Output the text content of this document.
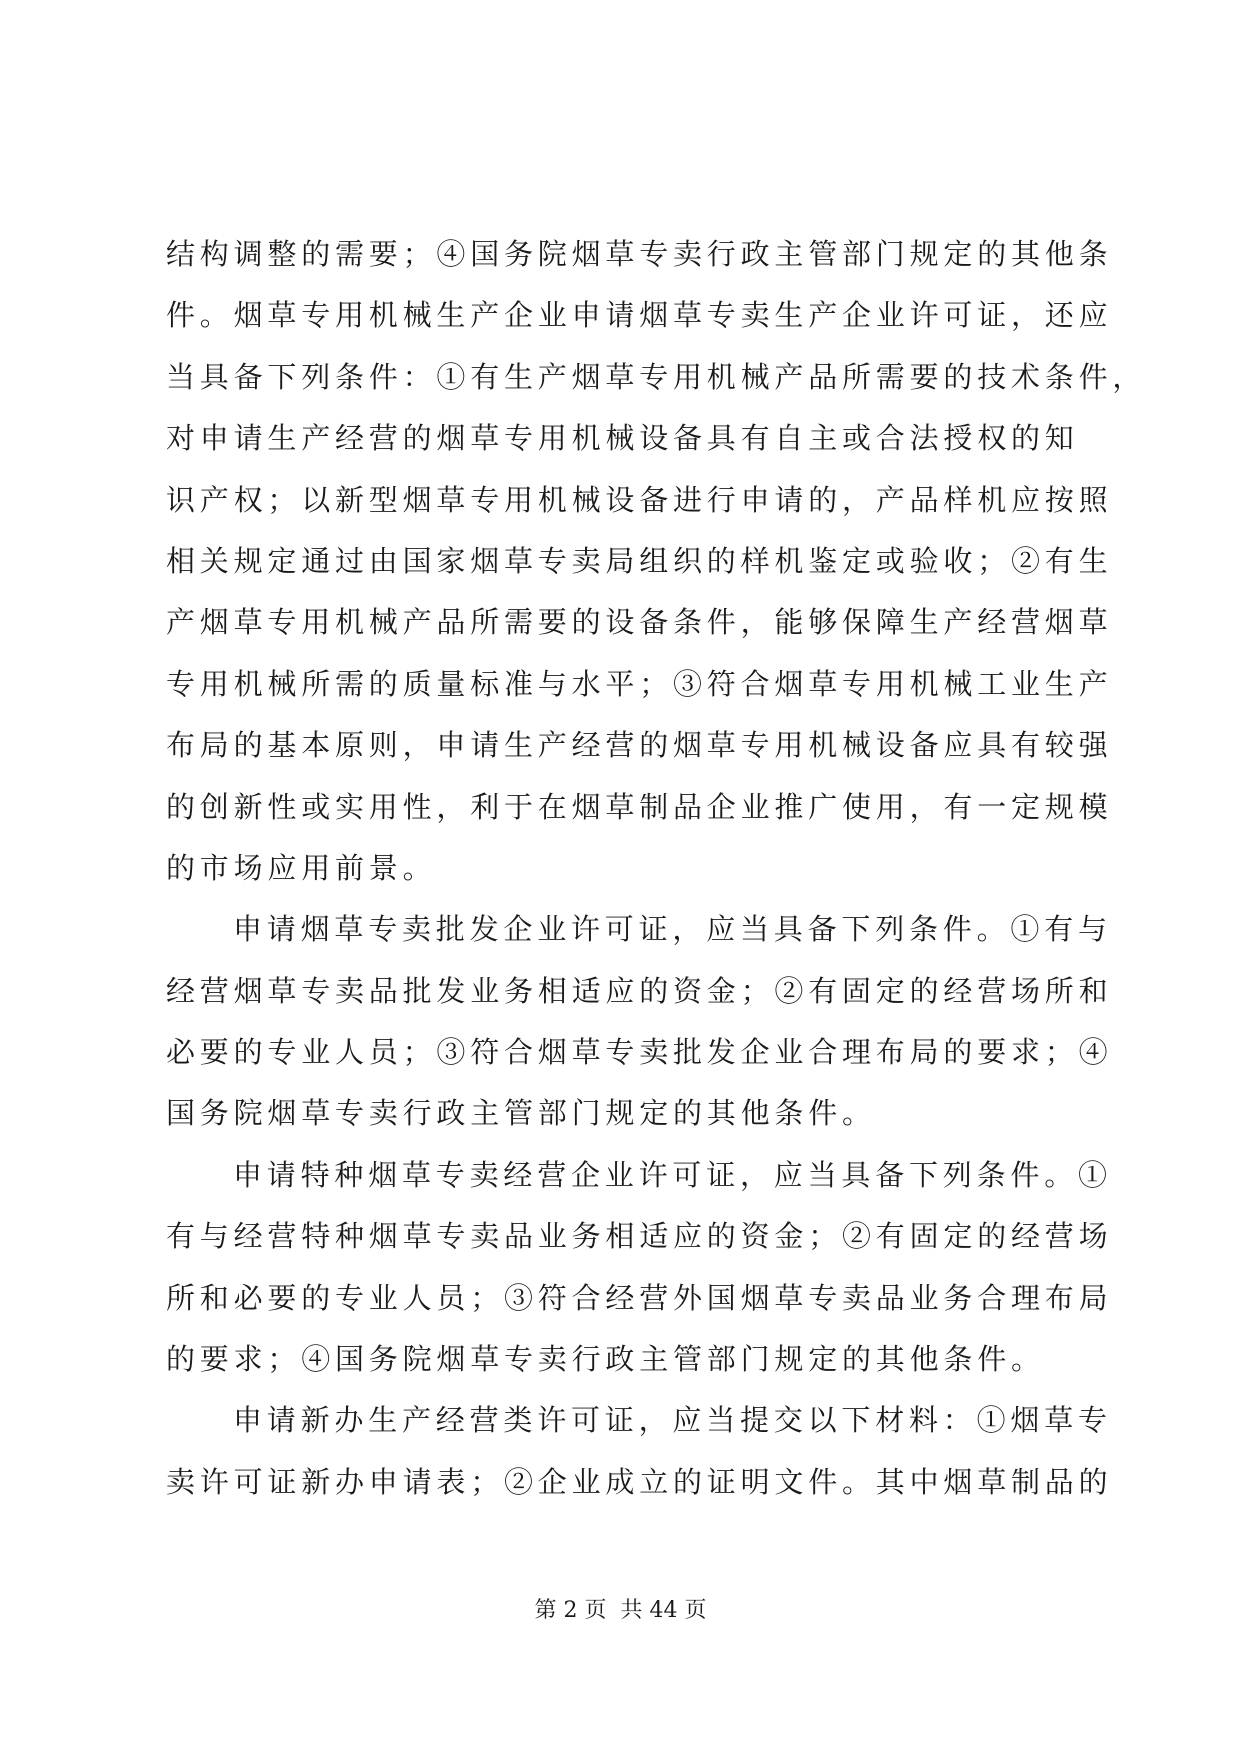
结构调整的需要；④国务院烟草专卖行政主管部门规定的其他条
件。烟草专用机械生产企业申请烟草专卖生产企业许可证，还应
当具备下列条件：①有生产烟草专用机械产品所需要的技术条件，
对申请生产经营的烟草专用机械设备具有自主或合法授权的知
识产权；以新型烟草专用机械设备进行申请的，产品样机应按照
相关规定通过由国家烟草专卖局组织的样机鉴定或验收；②有生
产烟草专用机械产品所需要的设备条件，能够保障生产经营烟草
专用机械所需的质量标准与水平；③符合烟草专用机械工业生产
布局的基本原则，申请生产经营的烟草专用机械设备应具有较强
的创新性或实用性，利于在烟草制品企业推广使用，有一定规模
的市场应用前景。
申请烟草专卖批发企业许可证，应当具备下列条件。①有与
经营烟草专卖品批发业务相适应的资金；②有固定的经营场所和
必要的专业人员；③符合烟草专卖批发企业合理布局的要求；④
国务院烟草专卖行政主管部门规定的其他条件。
申请特种烟草专卖经营企业许可证，应当具备下列条件。①
有与经营特种烟草专卖品业务相适应的资金；②有固定的经营场
所和必要的专业人员；③符合经营外国烟草专卖品业务合理布局
的要求；④国务院烟草专卖行政主管部门规定的其他条件。
申请新办生产经营类许可证，应当提交以下材料：①烟草专
卖许可证新办申请表；②企业成立的证明文件。其中烟草制品的
第 2 页  共 44 页
